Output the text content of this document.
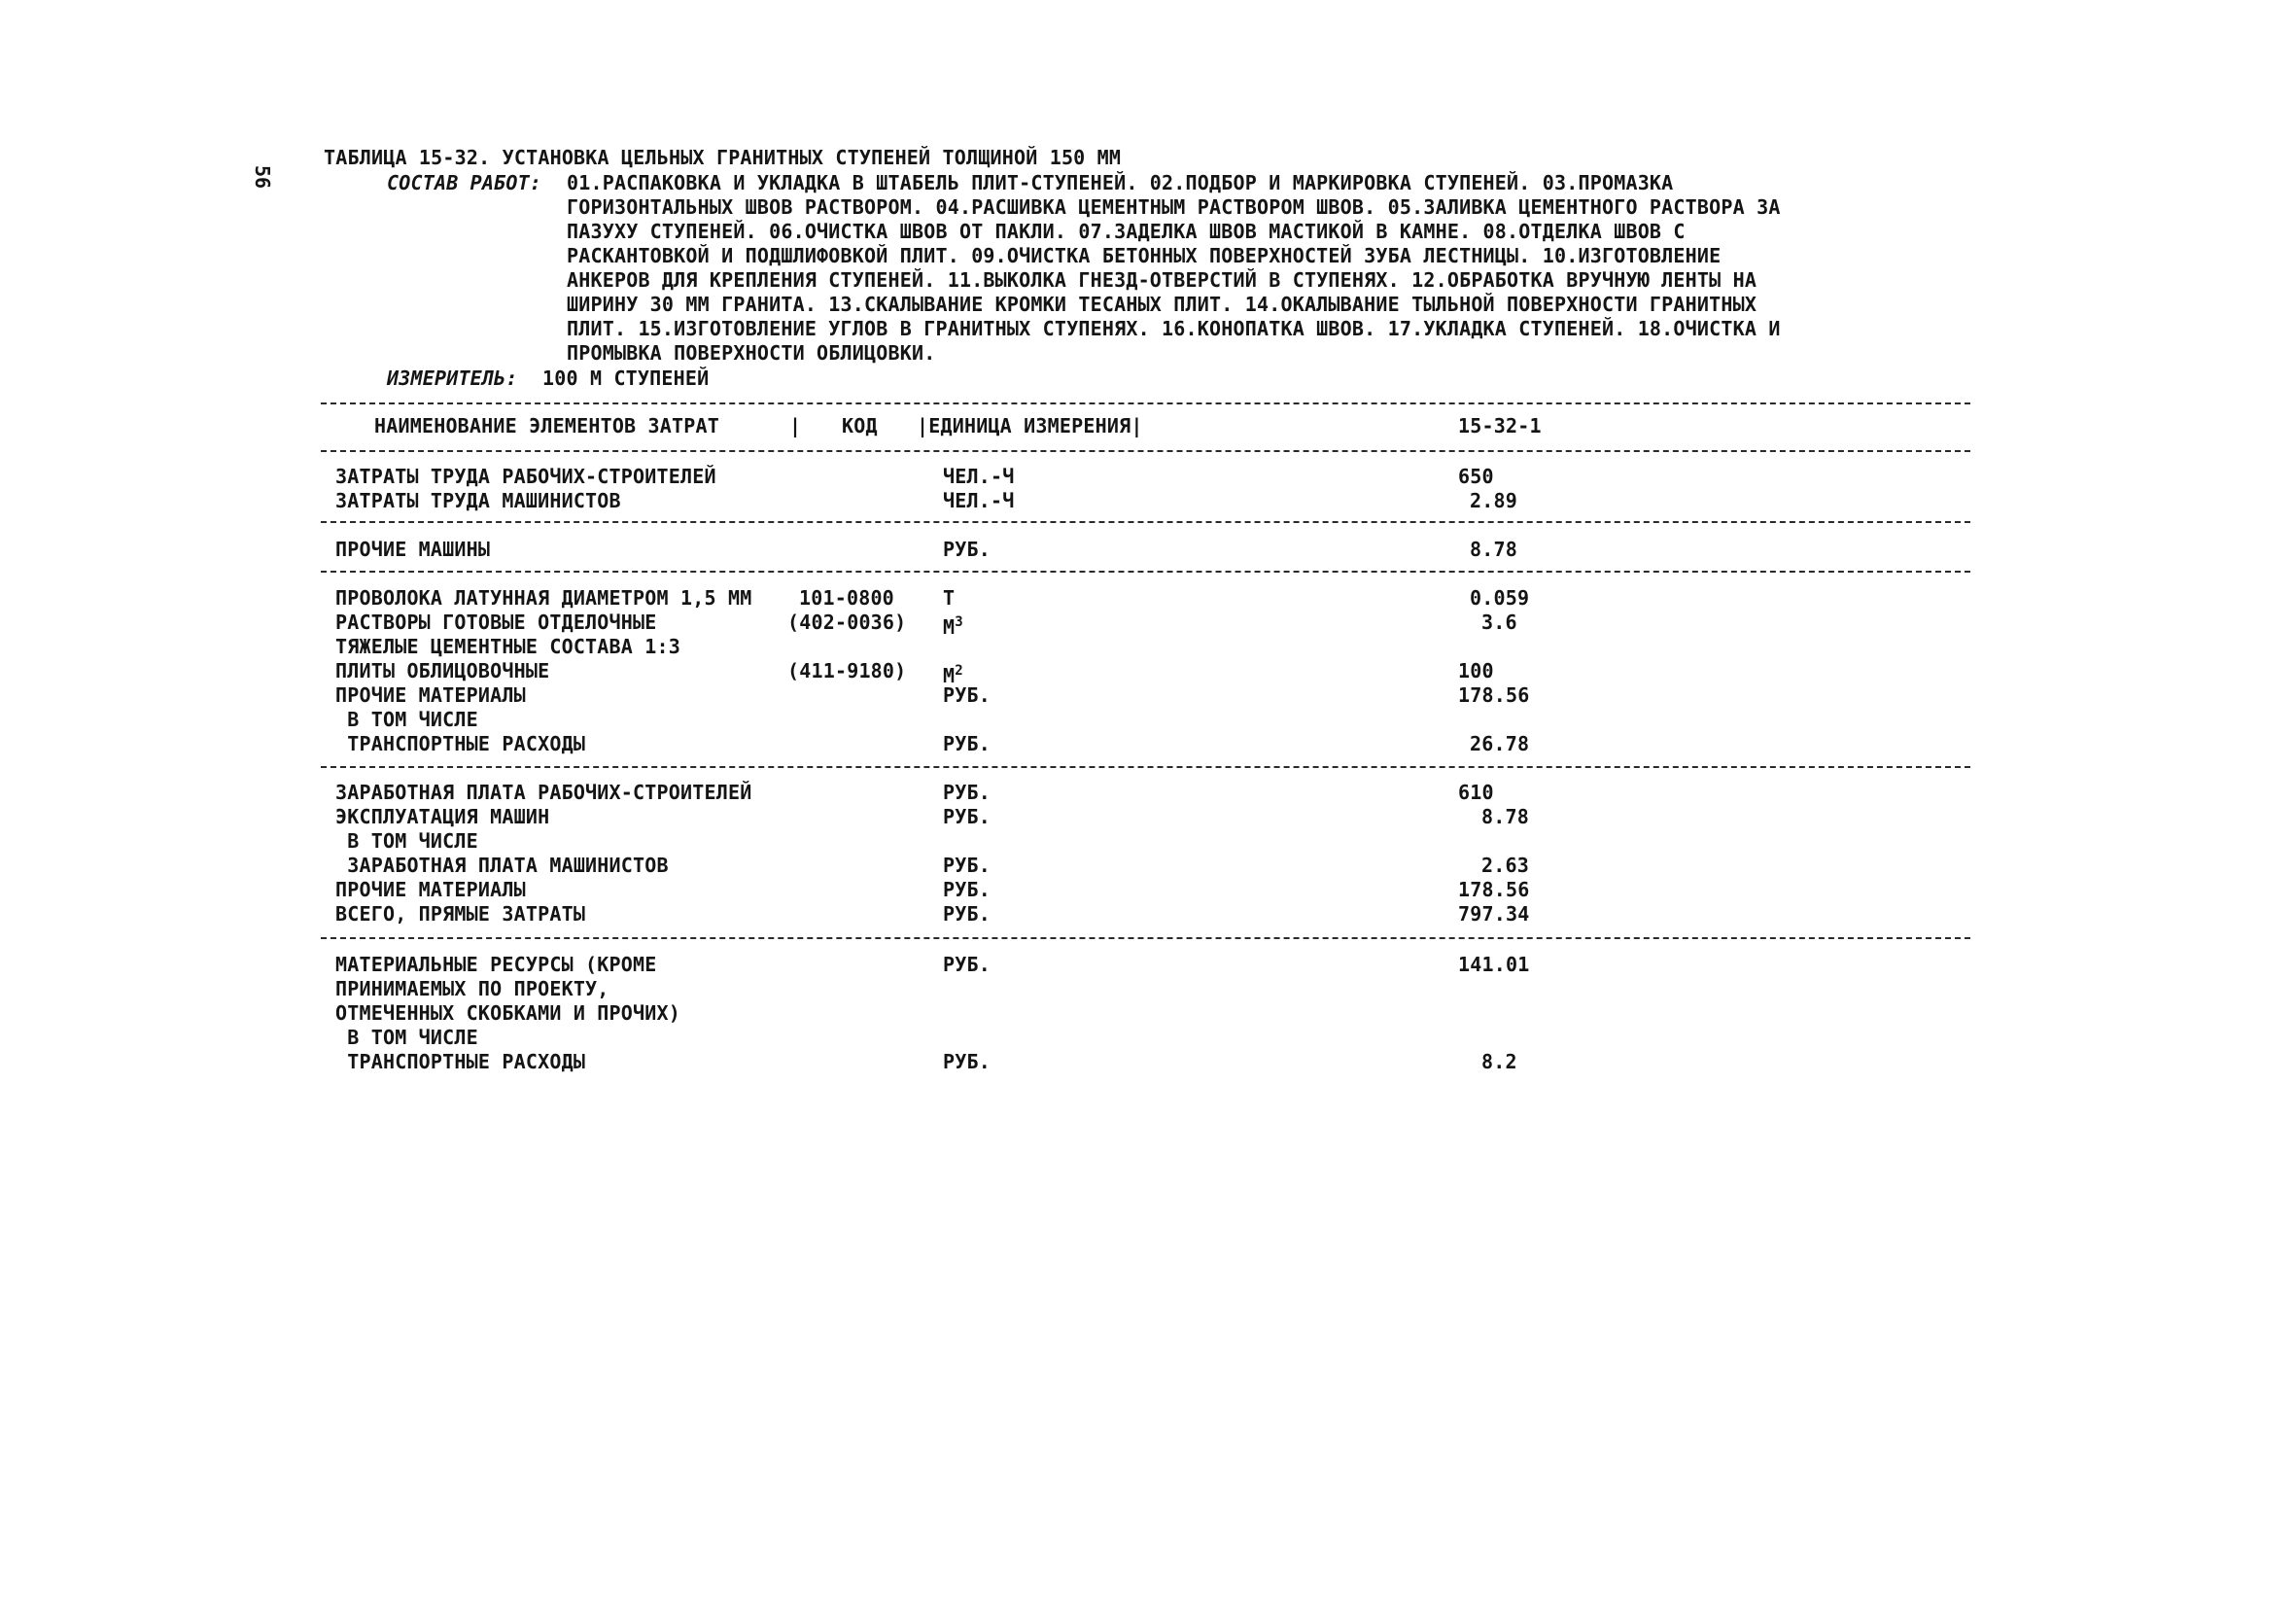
56
ТАБЛИЦА 15-32. УСТАНОВКА ЦЕЛЬНЫХ ГРАНИТНЫХ СТУПЕНЕЙ ТОЛЩИНОЙ 150 ММ
СОСТАВ РАБОТ: 01.РАСПАКОВКА И УКЛАДКА В ШТАБЕЛЬ ПЛИТ-СТУПЕНЕЙ. 02.ПОДБОР И МАРКИРОВКА СТУПЕНЕЙ. 03.ПРОМАЗКА
ГОРИЗОНТАЛЬНЫХ ШВОВ РАСТВОРОМ. 04.РАСШИВКА ЦЕМЕНТНЫМ РАСТВОРОМ ШВОВ. 05.ЗАЛИВКА ЦЕМЕНТНОГО РАСТВОРА ЗА
ПАЗУХУ СТУПЕНЕЙ. 06.ОЧИСТКА ШВОВ ОТ ПАКЛИ. 07.ЗАДЕЛКА ШВОВ МАСТИКОЙ В КАМНЕ. 08.ОТДЕЛКА ШВОВ С
РАСКАНТОВКОЙ И ПОДШЛИФОВКОЙ ПЛИТ. 09.ОЧИСТКА БЕТОННЫХ ПОВЕРХНОСТЕЙ ЗУБА ЛЕСТНИЦЫ. 10.ИЗГОТОВЛЕНИЕ
АНКЕРОВ ДЛЯ КРЕПЛЕНИЯ СТУПЕНЕЙ. 11.ВЫКОЛКА ГНЕЗД-ОТВЕРСТИЙ В СТУПЕНЯХ. 12.ОБРАБОТКА ВРУЧНУЮ ЛЕНТЫ НА
ШИРИНУ 30 ММ ГРАНИТА. 13.СКАЛЫВАНИЕ КРОМКИ ТЕСАНЫХ ПЛИТ. 14.ОКАЛЫВАНИЕ ТЫЛЬНОЙ ПОВЕРХНОСТИ ГРАНИТНЫХ
ПЛИТ. 15.ИЗГОТОВЛЕНИЕ УГЛОВ В ГРАНИТНЫХ СТУПЕНЯХ. 16.КОНОПАТКА ШВОВ. 17.УКЛАДКА СТУПЕНЕЙ. 18.ОЧИСТКА И
ПРОМЫВКА ПОВЕРХНОСТИ ОБЛИЦОВКИ.
ИЗМЕРИТЕЛЬ: 100 М СТУПЕНЕЙ
НАИМЕНОВАНИЕ ЭЛЕМЕНТОВ ЗАТРАТ	| КОД |ЕДИНИЦА ИЗМЕРЕНИЯ|	15-32-1
ЗАТРАТЫ ТРУДА РАБОЧИХ-СТРОИТЕЛЕЙ	ЧЕЛ.-Ч	650
ЗАТРАТЫ ТРУДА МАШИНИСТОВ	ЧЕЛ.-Ч	2.89
ПРОЧИЕ МАШИНЫ	РУБ.	8.78
ПРОВОЛОКА ЛАТУННАЯ ДИАМЕТРОМ 1,5 ММ 101-0800	Т	0.059
РАСТВОРЫ ГОТОВЫЕ ОТДЕЛОЧНЫЕ	(402-0036) $М^3$	3.6
ТЯЖЕЛЫЕ ЦЕМЕНТНЫЕ СОСТАВА 1:3
ПЛИТЫ ОБЛИЦОВОЧНЫЕ	(411-9180) $М^2$	100
ПРОЧИЕ МАТЕРИАЛЫ	РУБ.	178.56
В ТОМ ЧИСЛЕ
ТРАНСПОРТНЫЕ РАСХОДЫ	РУБ.	26.78
ЗАРАБОТНАЯ ПЛАТА РАБОЧИХ-СТРОИТЕЛЕЙ	РУБ.	610
ЭКСПЛУАТАЦИЯ МАШИН	РУБ.	8.78
В ТОМ ЧИСЛЕ
ЗАРАБОТНАЯ ПЛАТА МАШИНИСТОВ	РУБ.	2.63
ПРОЧИЕ МАТЕРИАЛЫ	РУБ.	178.56
ВСЕГО, ПРЯМЫЕ ЗАТРАТЫ	РУБ.	797.34
МАТЕРИАЛЬНЫЕ РЕСУРСЫ (КРОМЕ	РУБ.	141.01
ПРИНИМАЕМЫХ ПО ПРОЕКТУ,
ОТМЕЧЕННЫХ СКОБКАМИ И ПРОЧИХ)
В ТОМ ЧИСЛЕ
ТРАНСПОРТНЫЕ РАСХОДЫ	РУБ.	8.2
